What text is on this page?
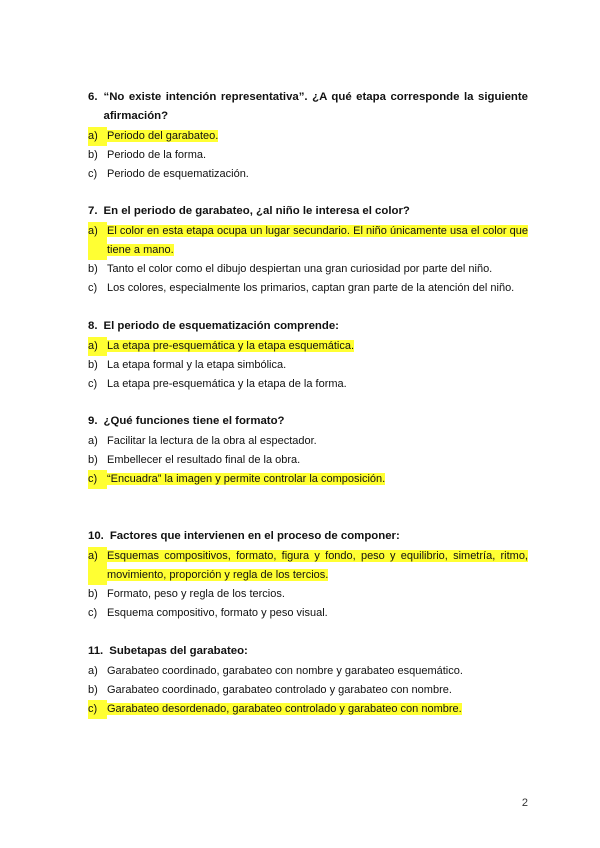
6. “No existe intención representativa”. ¿A qué etapa corresponde la siguiente afirmación?
a) Periodo del garabateo.
b) Periodo de la forma.
c) Periodo de esquematización.
7. En el periodo de garabateo, ¿al niño le interesa el color?
a) El color en esta etapa ocupa un lugar secundario. El niño únicamente usa el color que tiene a mano.
b) Tanto el color como el dibujo despiertan una gran curiosidad por parte del niño.
c) Los colores, especialmente los primarios, captan gran parte de la atención del niño.
8. El periodo de esquematización comprende:
a) La etapa pre-esquemática y la etapa esquemática.
b) La etapa formal y la etapa simbólica.
c) La etapa pre-esquemática y la etapa de la forma.
9. ¿Qué funciones tiene el formato?
a) Facilitar la lectura de la obra al espectador.
b) Embellecer el resultado final de la obra.
c) “Encuadra” la imagen y permite controlar la composición.
10. Factores que intervienen en el proceso de componer:
a) Esquemas compositivos, formato, figura y fondo, peso y equilibrio, simetría, ritmo, movimiento, proporción y regla de los tercios.
b) Formato, peso y regla de los tercios.
c) Esquema compositivo, formato y peso visual.
11. Subetapas del garabateo:
a) Garabateo coordinado, garabateo con nombre y garabateo esquemático.
b) Garabateo coordinado, garabateo controlado y garabateo con nombre.
c) Garabateo desordenado, garabateo controlado y garabateo con nombre.
2
